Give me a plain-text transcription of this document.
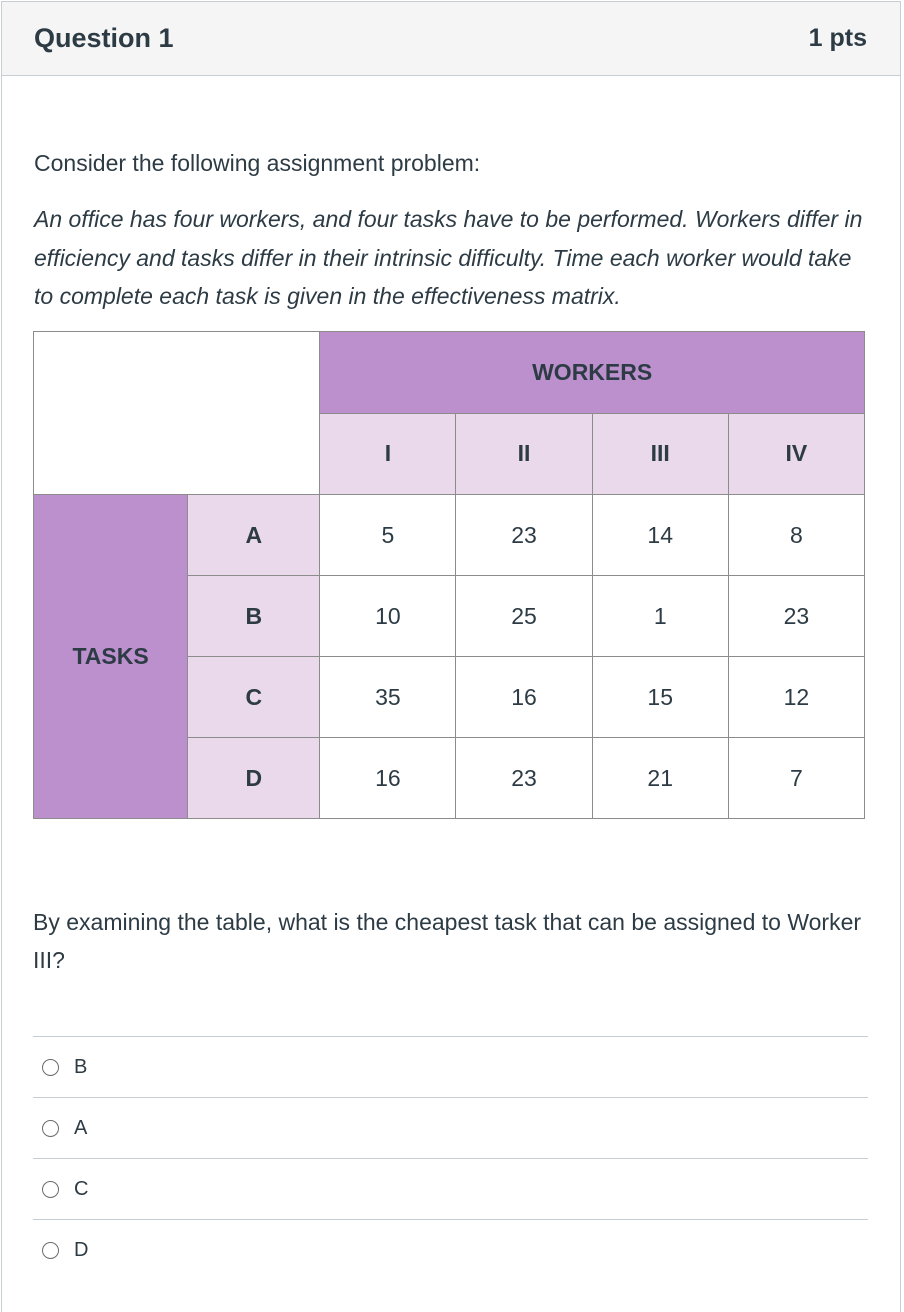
Question 1	1 pts
Consider the following assignment problem:
An office has four workers, and four tasks have to be performed. Workers differ in efficiency and tasks differ in their intrinsic difficulty. Time each worker would take to complete each task is given in the effectiveness matrix.
		WORKERS			
		I	II	III	IV
TASKS	A	5	23	14	8
	B	10	25	1	23
	C	35	16	15	12
	D	16	23	21	7
By examining the table, what is the cheapest task that can be assigned to Worker III?
B
A
C
D
